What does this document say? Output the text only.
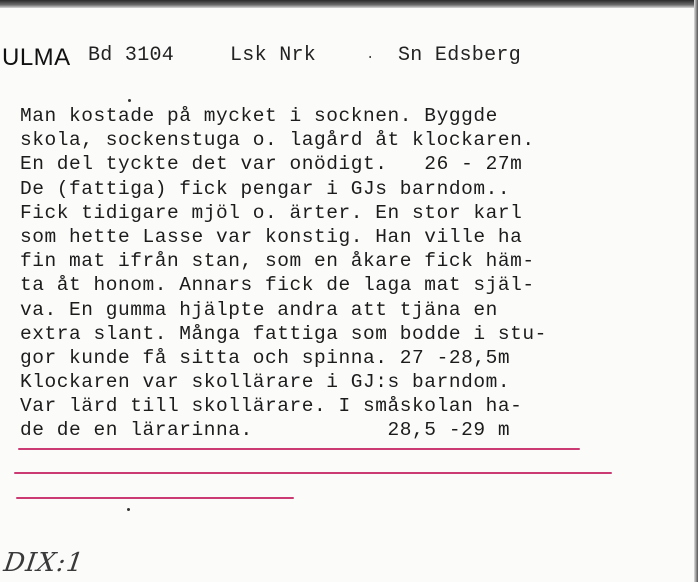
ULMA Bd 3104	Lsk Nrk	· Sn Edsberg
Man kostade på mycket i socknen. Byggde
skola, sockenstuga o. lagård åt klockaren.
En del tyckte det var onödigt.   26 - 27m
De (fattiga) fick pengar i GJs barndom..
Fick tidigare mjöl o. ärter. En stor karl
som hette Lasse var konstig. Han ville ha
fin mat ifrån stan, som en åkare fick häm-
ta åt honom. Annars fick de laga mat själ-
va. En gumma hjälpte andra att tjäna en
extra slant. Många fattiga som bodde i stu-
gor kunde få sitta och spinna. 27 -28,5m
Klockaren var skollärare i GJ:s barndom.
Var lärd till skollärare. I småskolan ha-
de de en lärarinna.           28,5 -29 m
DIX:1
